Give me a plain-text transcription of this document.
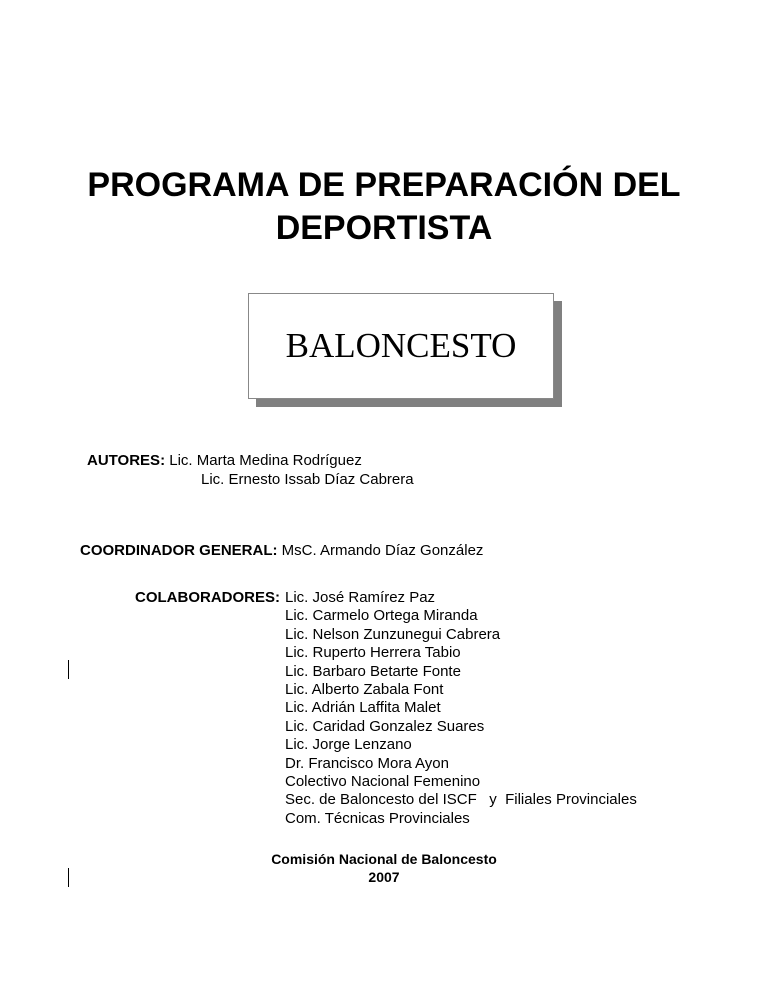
PROGRAMA DE PREPARACIÓN DEL
DEPORTISTA
BALONCESTO
AUTORES: Lic. Marta Medina Rodríguez
Lic. Ernesto Issab Díaz Cabrera
COORDINADOR GENERAL: MsC. Armando Díaz González
COLABORADORES: Lic. José Ramírez Paz
Lic. Carmelo Ortega Miranda
Lic. Nelson Zunzunegui Cabrera
Lic. Ruperto Herrera Tabio
Lic. Barbaro Betarte Fonte
Lic. Alberto Zabala Font
Lic. Adrián Laffita Malet
Lic. Caridad Gonzalez Suares
Lic. Jorge Lenzano
Dr. Francisco Mora Ayon
Colectivo Nacional Femenino
Sec. de Baloncesto del ISCF   y  Filiales Provinciales
Com. Técnicas Provinciales
Comisión Nacional de Baloncesto
2007
